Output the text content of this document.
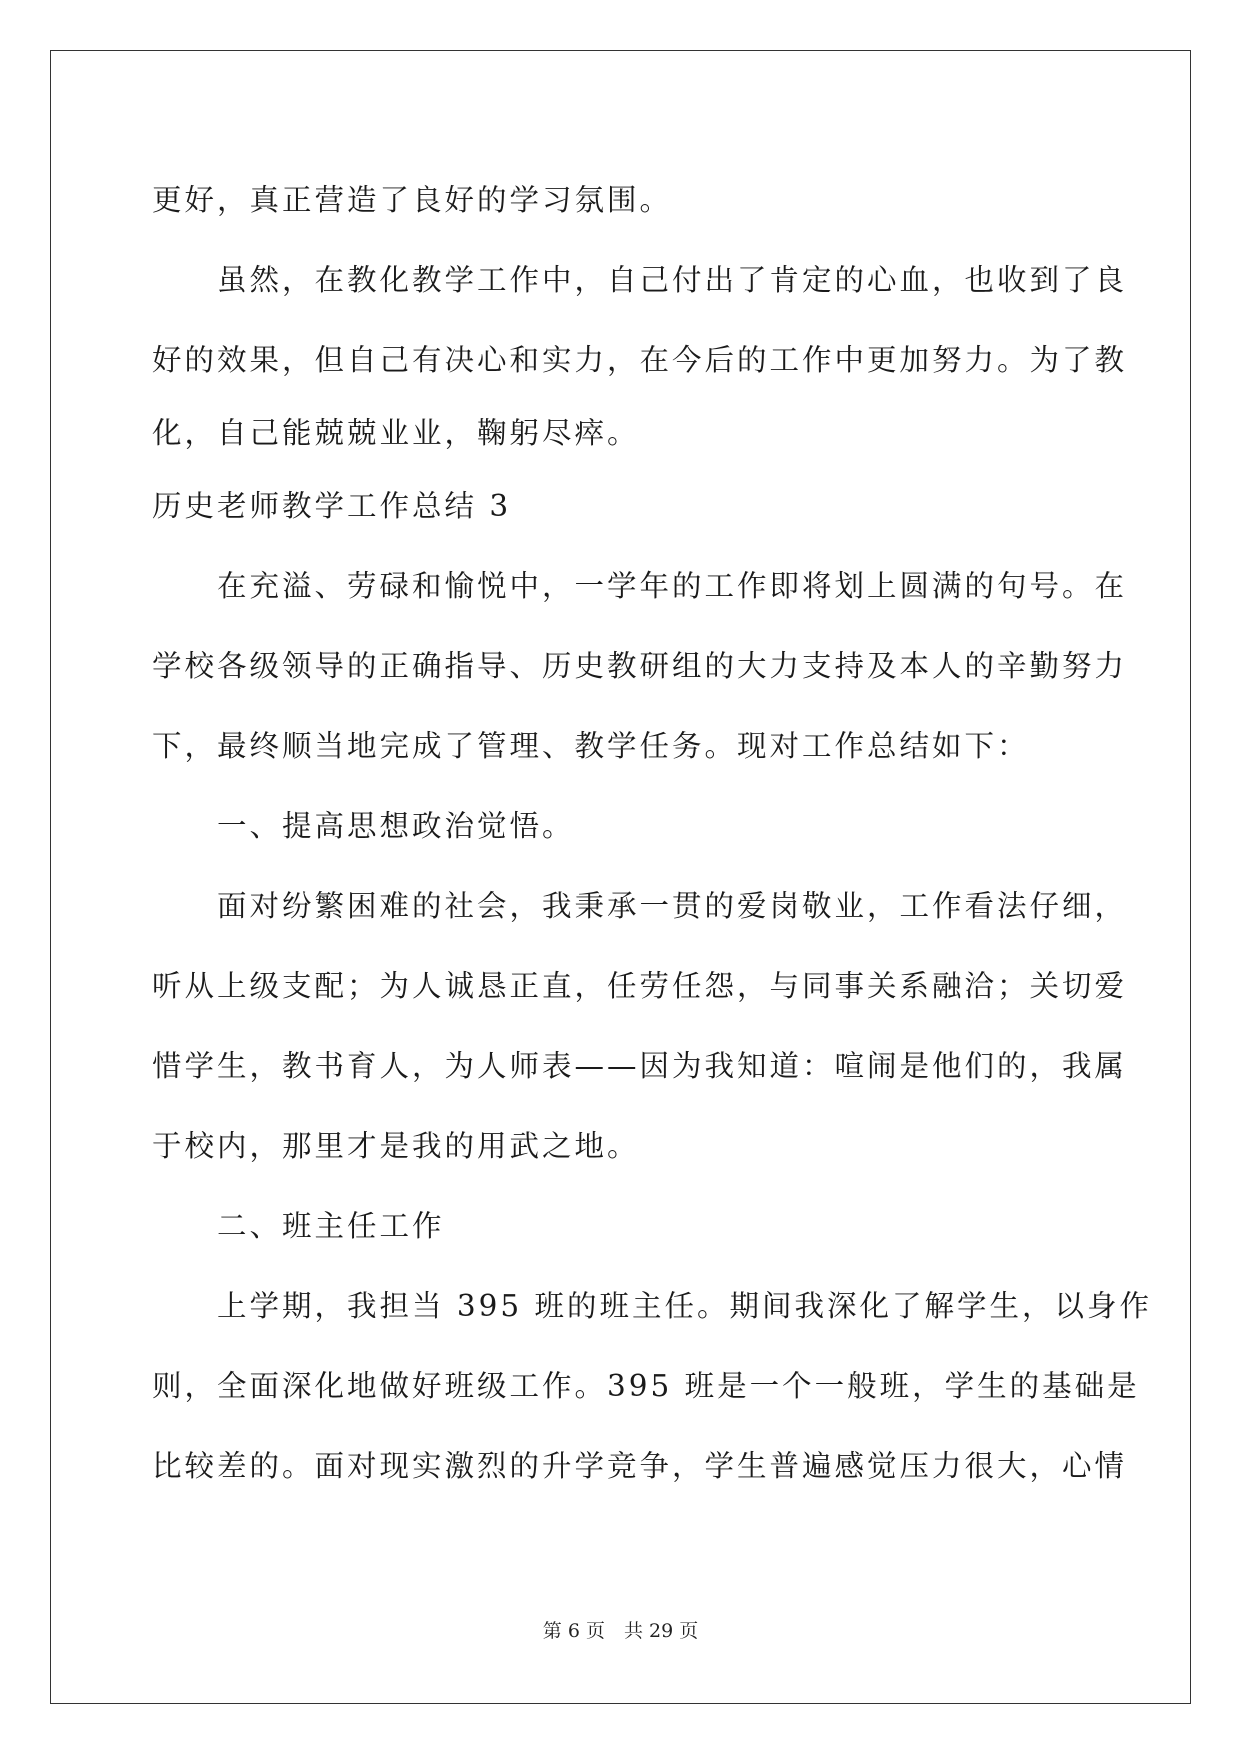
更好，真正营造了良好的学习氛围。
　　虽然，在教化教学工作中，自己付出了肯定的心血，也收到了良
好的效果，但自己有决心和实力，在今后的工作中更加努力。为了教
化，自己能兢兢业业，鞠躬尽瘁。
历史老师教学工作总结 3
　　在充溢、劳碌和愉悦中，一学年的工作即将划上圆满的句号。在
学校各级领导的正确指导、历史教研组的大力支持及本人的辛勤努力
下，最终顺当地完成了管理、教学任务。现对工作总结如下：
　　一、提高思想政治觉悟。
　　面对纷繁困难的社会，我秉承一贯的爱岗敬业，工作看法仔细，
听从上级支配；为人诚恳正直，任劳任怨，与同事关系融洽；关切爱
惜学生，教书育人，为人师表——因为我知道：喧闹是他们的，我属
于校内，那里才是我的用武之地。
　　二、班主任工作
　　上学期，我担当 395 班的班主任。期间我深化了解学生，以身作
则，全面深化地做好班级工作。395 班是一个一般班，学生的基础是
比较差的。面对现实激烈的升学竞争，学生普遍感觉压力很大，心情
第 6 页　共 29 页
